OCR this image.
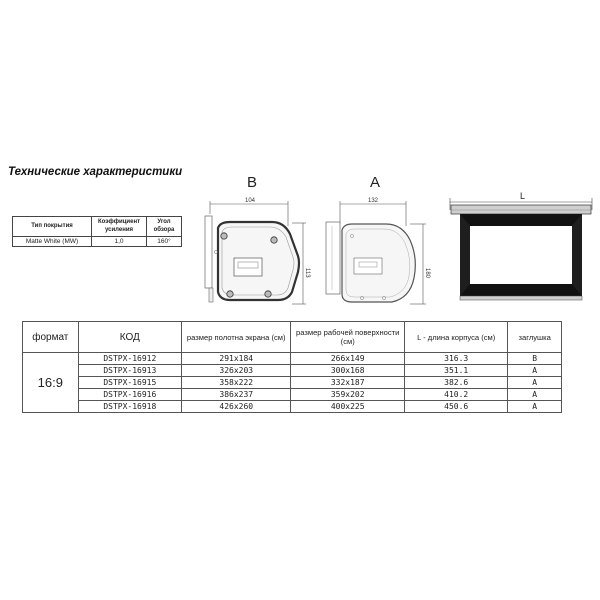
Технические характеристики
Тип покрытия	Коэффициент усиления	Угол обзора
Matte White (MW)	1,0	160°
B	A
104
113
132
180
L
формат	КОД	размер полотна экрана (см)	размер рабочей поверхности (см)	L - длина корпуса (см)	заглушка
16:9	DSTPX-16912	291x184	266x149	316.3	B
	DSTPX-16913	326x203	300x168	351.1	A
	DSTPX-16915	358x222	332x187	382.6	A
	DSTPX-16916	386x237	359x202	410.2	A
	DSTPX-16918	426x260	400x225	450.6	A
